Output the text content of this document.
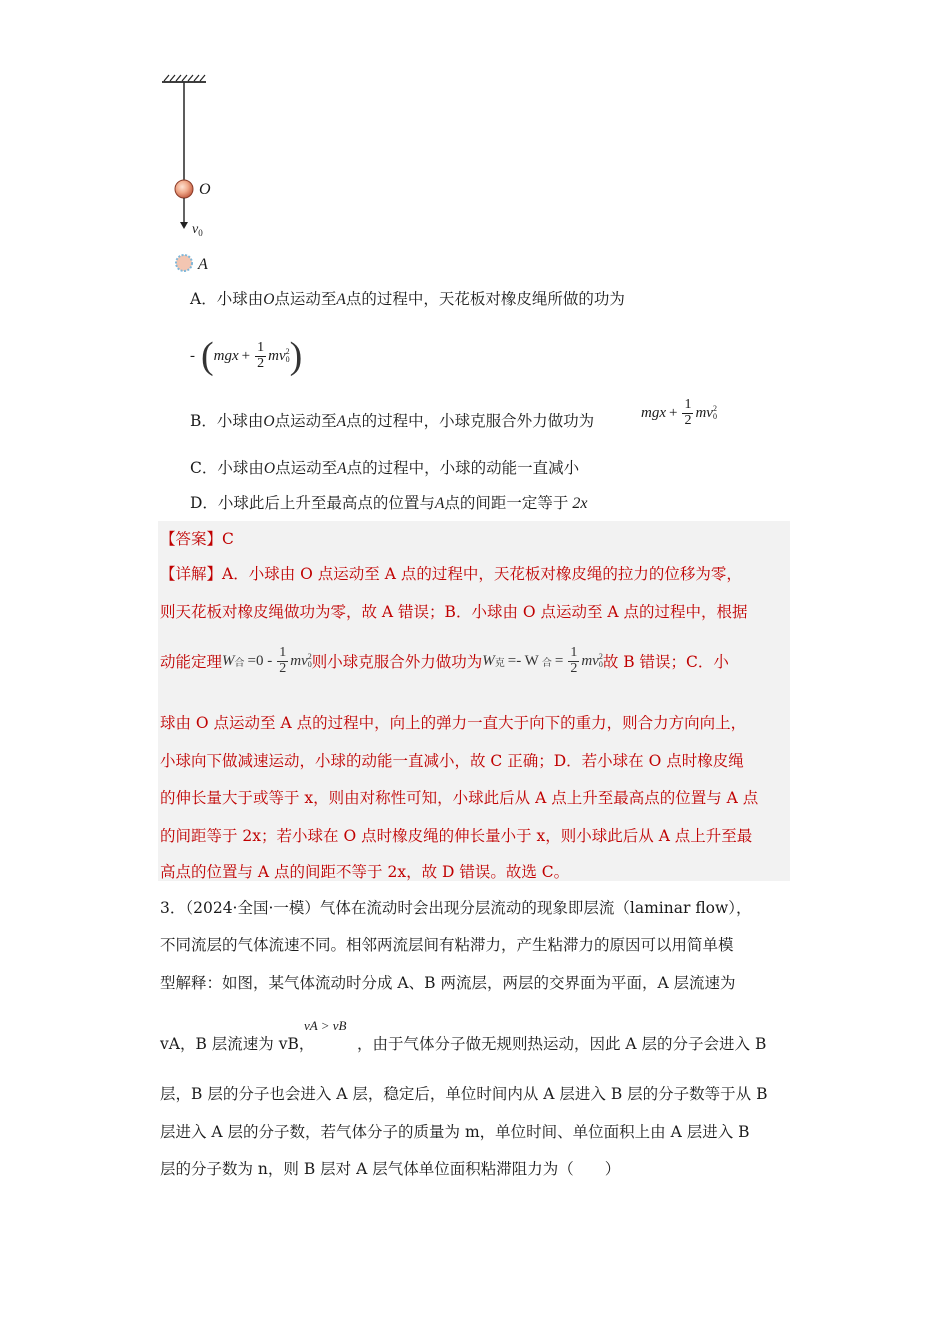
O
$v_0$
A
A．小球由O点运动至A点的过程中，天花板对橡皮绳所做的功为
- ( mgx + $\frac{1}{2}$ mv 2
0 )
B．小球由O点运动至A点的过程中，小球克服合外力做功为	mgx + $\frac{1}{2}$ mv 2
0
C．小球由O点运动至A点的过程中，小球的动能一直减小
D．小球此后上升至最高点的位置与A点的间距一定等于 2x
【答案】C
【详解】A．小球由 O 点运动至 A 点的过程中，天花板对橡皮绳的拉力的位移为零，
则天花板对橡皮绳做功为零，故 A 错误；B．小球由 O 点运动至 A 点的过程中，根据
动能定理 W 合 $=0 - \frac{1}{2}$ mv 2
0 则小球克服合外力做功为 W 克 =- W 合 = $\frac{1}{2}$ mv 2
0 故 B 错误；C．小
球由 O 点运动至 A 点的过程中，向上的弹力一直大于向下的重力，则合力方向向上，
小球向下做减速运动，小球的动能一直减小，故 C 正确；D．若小球在 O 点时橡皮绳
的伸长量大于或等于 x，则由对称性可知，小球此后从 A 点上升至最高点的位置与 A 点
的间距等于 2x；若小球在 O 点时橡皮绳的伸长量小于 x，则小球此后从 A 点上升至最
高点的位置与 A 点的间距不等于 2x，故 D 错误。故选 C。
3．（2024·全国·一模）气体在流动时会出现分层流动的现象即层流（laminar flow），
不同流层的气体流速不同。相邻两流层间有粘滞力，产生粘滞力的原因可以用简单模
型解释：如图，某气体流动时分成 A、B 两流层，两层的交界面为平面，A 层流速为
vA，B 层流速为 vB，
vA > vB
，由于气体分子做无规则热运动，因此 A 层的分子会进入 B
层，B 层的分子也会进入 A 层，稳定后，单位时间内从 A 层进入 B 层的分子数等于从 B
层进入 A 层的分子数，若气体分子的质量为 m，单位时间、单位面积上由 A 层进入 B
层的分子数为 n，则 B 层对 A 层气体单位面积粘滞阻力为（　　）
